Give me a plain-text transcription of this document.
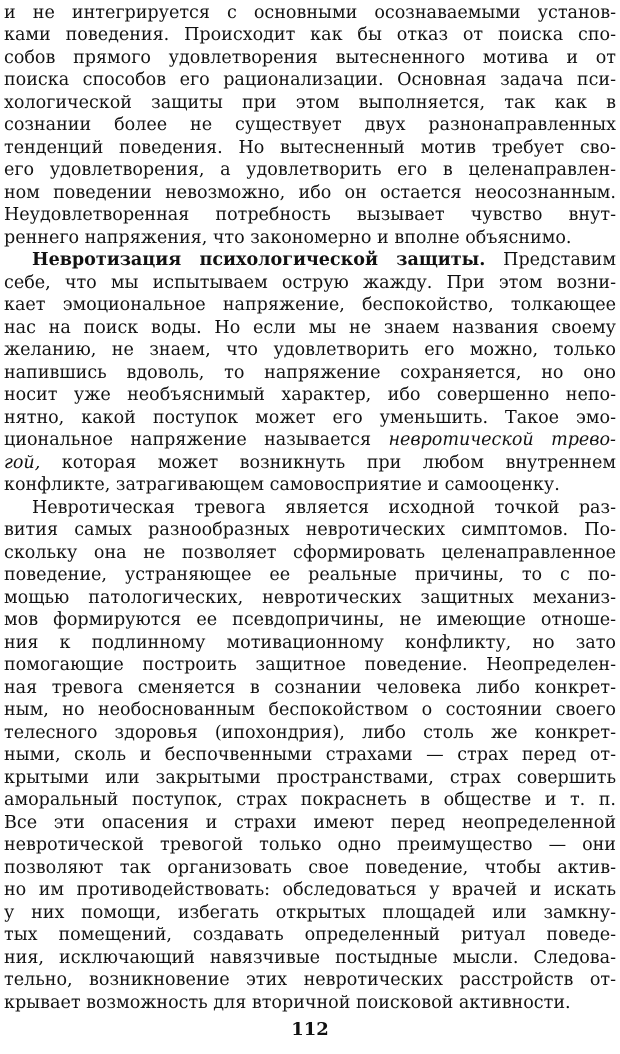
и не интегрируется с основными осознаваемыми установ-
ками поведения. Происходит как бы отказ от поиска спо-
собов прямого удовлетворения вытесненного мотива и от
поиска способов его рационализации. Основная задача пси-
хологической защиты при этом выполняется, так как в
сознании более не существует двух разнонаправленных
тенденций поведения. Но вытесненный мотив требует сво-
его удовлетворения, а удовлетворить его в целенаправлен-
ном поведении невозможно, ибо он остается неосознанным.
Неудовлетворенная потребность вызывает чувство внут-
реннего напряжения, что закономерно и вполне объяснимо.
Невротизация психологической защиты. Представим
себе, что мы испытываем острую жажду. При этом возни-
кает эмоциональное напряжение, беспокойство, толкающее
нас на поиск воды. Но если мы не знаем названия своему
желанию, не знаем, что удовлетворить его можно, только
напившись вдоволь, то напряжение сохраняется, но оно
носит уже необъяснимый характер, ибо совершенно непо-
нятно, какой поступок может его уменьшить. Такое эмо-
циональное напряжение называется невротической трево-
гой, которая может возникнуть при любом внутреннем
конфликте, затрагивающем самовосприятие и самооценку.
Невротическая тревога является исходной точкой раз-
вития самых разнообразных невротических симптомов. По-
скольку она не позволяет сформировать целенаправленное
поведение, устраняющее ее реальные причины, то с по-
мощью патологических, невротических защитных механиз-
мов формируются ее псевдопричины, не имеющие отноше-
ния к подлинному мотивационному конфликту, но зато
помогающие построить защитное поведение. Неопределен-
ная тревога сменяется в сознании человека либо конкрет-
ным, но необоснованным беспокойством о состоянии своего
телесного здоровья (ипохондрия), либо столь же конкрет-
ными, сколь и беспочвенными страхами — страх перед от-
крытыми или закрытыми пространствами, страх совершить
аморальный поступок, страх покраснеть в обществе и т. п.
Все эти опасения и страхи имеют перед неопределенной
невротической тревогой только одно преимущество — они
позволяют так организовать свое поведение, чтобы актив-
но им противодействовать: обследоваться у врачей и искать
у них помощи, избегать открытых площадей или замкну-
тых помещений, создавать определенный ритуал поведе-
ния, исключающий навязчивые постыдные мысли. Следова-
тельно, возникновение этих невротических расстройств от-
крывает возможность для вторичной поисковой активности.
112
